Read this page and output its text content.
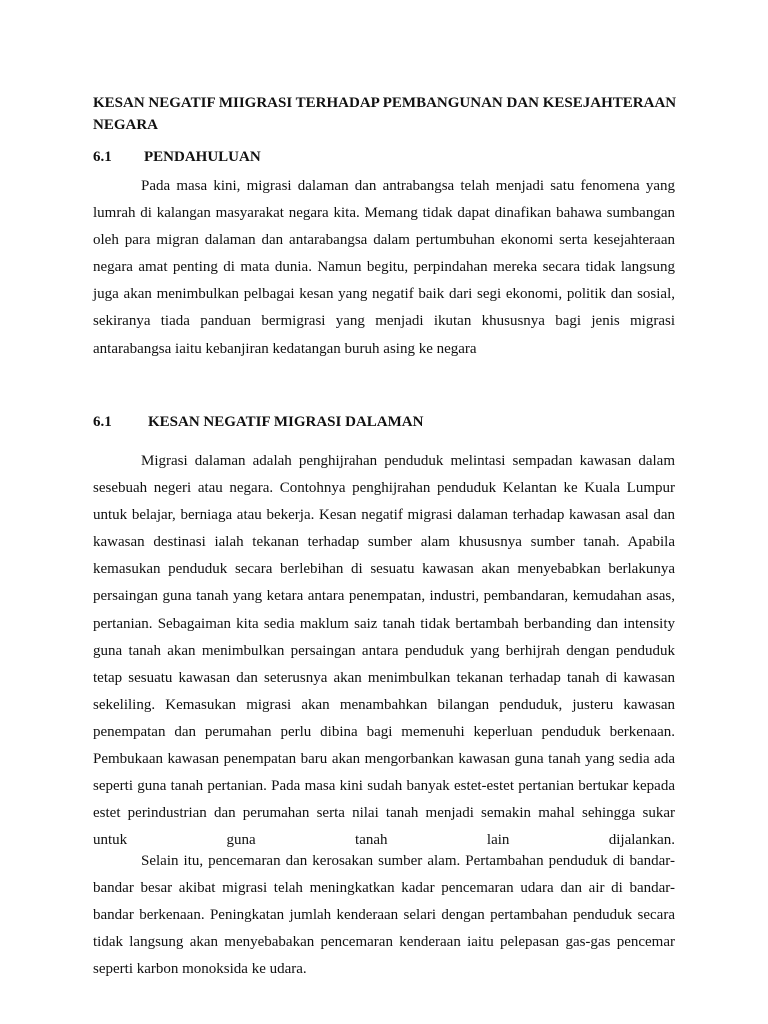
KESAN NEGATIF MIIGRASI TERHADAP PEMBANGUNAN DAN KESEJAHTERAAN NEGARA
6.1 PENDAHULUAN

Pada masa kini, migrasi dalaman dan antrabangsa telah menjadi satu fenomena yang lumrah di kalangan masyarakat negara kita. Memang tidak dapat dinafikan bahawa sumbangan oleh para migran dalaman dan antarabangsa dalam pertumbuhan ekonomi serta kesejahteraan negara amat penting di mata dunia. Namun begitu, perpindahan mereka secara tidak langsung juga akan menimbulkan pelbagai kesan yang negatif baik dari segi ekonomi, politik dan sosial, sekiranya tiada panduan bermigrasi yang menjadi ikutan khususnya bagi jenis migrasi antarabangsa iaitu kebanjiran kedatangan buruh asing ke negara

6.1 KESAN NEGATIF MIGRASI DALAMAN

Migrasi dalaman adalah penghijrahan penduduk melintasi sempadan kawasan dalam sesebuah negeri atau negara. Contohnya penghijrahan penduduk Kelantan ke Kuala Lumpur untuk belajar, berniaga atau bekerja. Kesan negatif migrasi dalaman terhadap kawasan asal dan kawasan destinasi ialah tekanan terhadap sumber alam khususnya sumber tanah. Apabila kemasukan penduduk secara berlebihan di sesuatu kawasan akan menyebabkan berlakunya persaingan guna tanah yang ketara antara penempatan, industri, pembandaran, kemudahan asas, pertanian. Sebagaiman kita sedia maklum saiz tanah tidak bertambah berbanding dan intensity guna tanah akan menimbulkan persaingan antara penduduk yang berhijrah dengan penduduk tetap sesuatu kawasan dan seterusnya akan menimbulkan tekanan terhadap tanah di kawasan sekeliling. Kemasukan migrasi akan menambahkan bilangan penduduk, justeru kawasan penempatan dan perumahan perlu dibina bagi memenuhi keperluan penduduk berkenaan. Pembukaan kawasan penempatan baru akan mengorbankan kawasan guna tanah yang sedia ada seperti guna tanah pertanian. Pada masa kini sudah banyak estet-estet pertanian bertukar kepada estet perindustrian dan perumahan serta nilai tanah menjadi semakin mahal sehingga sukar untuk guna tanah lain dijalankan.

Selain itu, pencemaran dan kerosakan sumber alam. Pertambahan penduduk di bandar-bandar besar akibat migrasi telah meningkatkan kadar pencemaran udara dan air di bandar-bandar berkenaan. Peningkatan jumlah kenderaan selari dengan pertambahan penduduk secara tidak langsung akan menyebabakan pencemaran kenderaan iaitu pelepasan gas-gas pencemar seperti karbon monoksida ke udara.
